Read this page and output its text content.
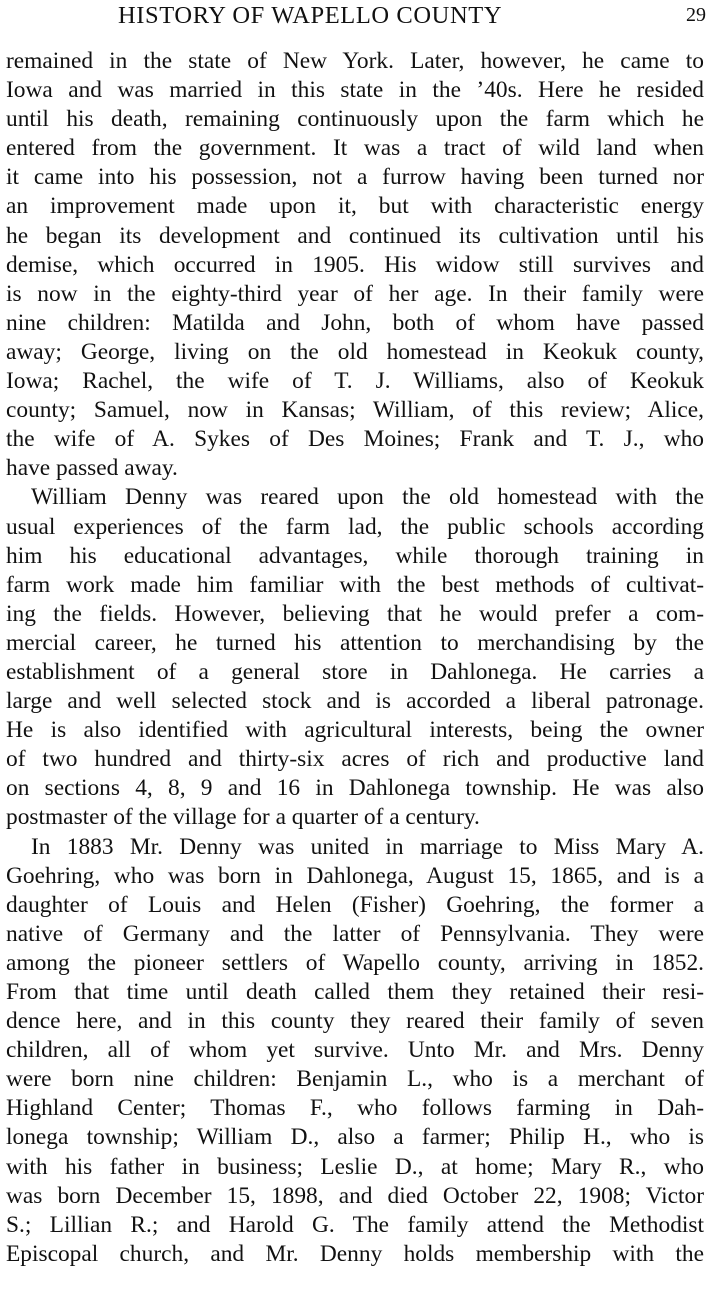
HISTORY OF WAPELLO COUNTY	29
remained in the state of New York. Later, however, he came to
Iowa and was married in this state in the ’40s. Here he resided
until his death, remaining continuously upon the farm which he
entered from the government. It was a tract of wild land when
it came into his possession, not a furrow having been turned nor
an improvement made upon it, but with characteristic energy
he began its development and continued its cultivation until his
demise, which occurred in 1905. His widow still survives and
is now in the eighty-third year of her age. In their family were
nine children: Matilda and John, both of whom have passed
away; George, living on the old homestead in Keokuk county,
Iowa; Rachel, the wife of T. J. Williams, also of Keokuk
county; Samuel, now in Kansas; William, of this review; Alice,
the wife of A. Sykes of Des Moines; Frank and T. J., who
have passed away.
William Denny was reared upon the old homestead with the
usual experiences of the farm lad, the public schools according
him his educational advantages, while thorough training in
farm work made him familiar with the best methods of cultivat-
ing the fields. However, believing that he would prefer a com-
mercial career, he turned his attention to merchandising by the
establishment of a general store in Dahlonega. He carries a
large and well selected stock and is accorded a liberal patronage.
He is also identified with agricultural interests, being the owner
of two hundred and thirty-six acres of rich and productive land
on sections 4, 8, 9 and 16 in Dahlonega township. He was also
postmaster of the village for a quarter of a century.
In 1883 Mr. Denny was united in marriage to Miss Mary A.
Goehring, who was born in Dahlonega, August 15, 1865, and is a
daughter of Louis and Helen (Fisher) Goehring, the former a
native of Germany and the latter of Pennsylvania. They were
among the pioneer settlers of Wapello county, arriving in 1852.
From that time until death called them they retained their resi-
dence here, and in this county they reared their family of seven
children, all of whom yet survive. Unto Mr. and Mrs. Denny
were born nine children: Benjamin L., who is a merchant of
Highland Center; Thomas F., who follows farming in Dah-
lonega township; William D., also a farmer; Philip H., who is
with his father in business; Leslie D., at home; Mary R., who
was born December 15, 1898, and died October 22, 1908; Victor
S.; Lillian R.; and Harold G. The family attend the Methodist
Episcopal church, and Mr. Denny holds membership with the
